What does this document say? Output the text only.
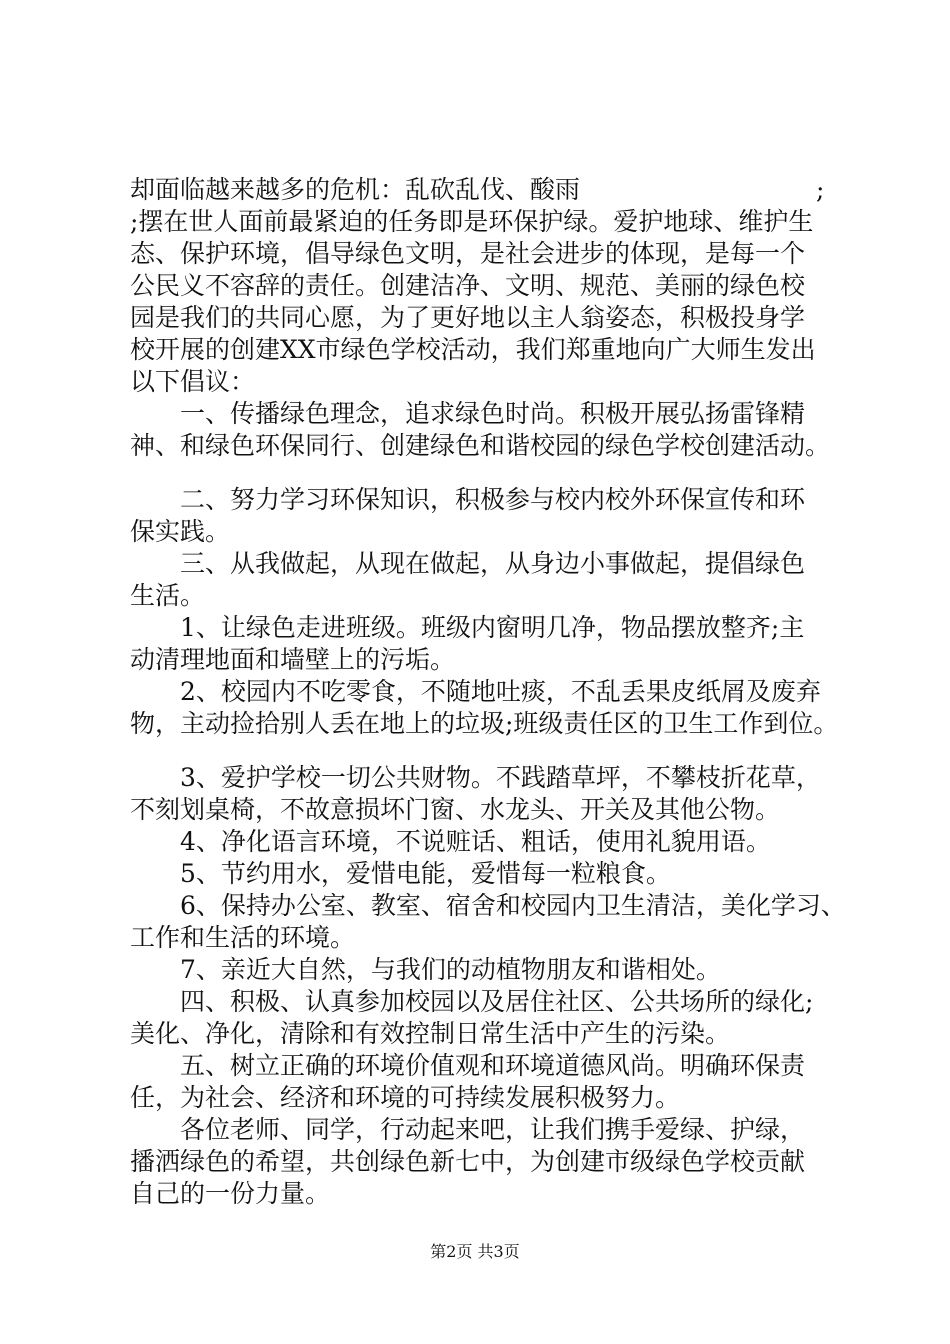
却面临越来越多的危机：乱砍乱伐、酸雨	;
;摆在世人面前最紧迫的任务即是环保护绿。爱护地球、维护生
态、保护环境，倡导绿色文明，是社会进步的体现，是每一个
公民义不容辞的责任。创建洁净、文明、规范、美丽的绿色校
园是我们的共同心愿，为了更好地以主人翁姿态，积极投身学
校开展的创建XX市绿色学校活动，我们郑重地向广大师生发出
以下倡议：
　　一、传播绿色理念，追求绿色时尚。积极开展弘扬雷锋精
神、和绿色环保同行、创建绿色和谐校园的绿色学校创建活动。
　　二、努力学习环保知识，积极参与校内校外环保宣传和环
保实践。
　　三、从我做起，从现在做起，从身边小事做起，提倡绿色
生活。
　　1、让绿色走进班级。班级内窗明几净，物品摆放整齐;主
动清理地面和墙壁上的污垢。
　　2、校园内不吃零食，不随地吐痰，不乱丢果皮纸屑及废弃
物，主动捡拾别人丢在地上的垃圾;班级责任区的卫生工作到位。
　　3、爱护学校一切公共财物。不践踏草坪，不攀枝折花草，
不刻划桌椅，不故意损坏门窗、水龙头、开关及其他公物。
　　4、净化语言环境，不说赃话、粗话，使用礼貌用语。
　　5、节约用水，爱惜电能，爱惜每一粒粮食。
　　6、保持办公室、教室、宿舍和校园内卫生清洁，美化学习、
工作和生活的环境。
　　7、亲近大自然，与我们的动植物朋友和谐相处。
　　四、积极、认真参加校园以及居住社区、公共场所的绿化;
美化、净化，清除和有效控制日常生活中产生的污染。
　　五、树立正确的环境价值观和环境道德风尚。明确环保责
任，为社会、经济和环境的可持续发展积极努力。
　　各位老师、同学，行动起来吧，让我们携手爱绿、护绿，
播洒绿色的希望，共创绿色新七中，为创建市级绿色学校贡献
自己的一份力量。
第2页 共3页
